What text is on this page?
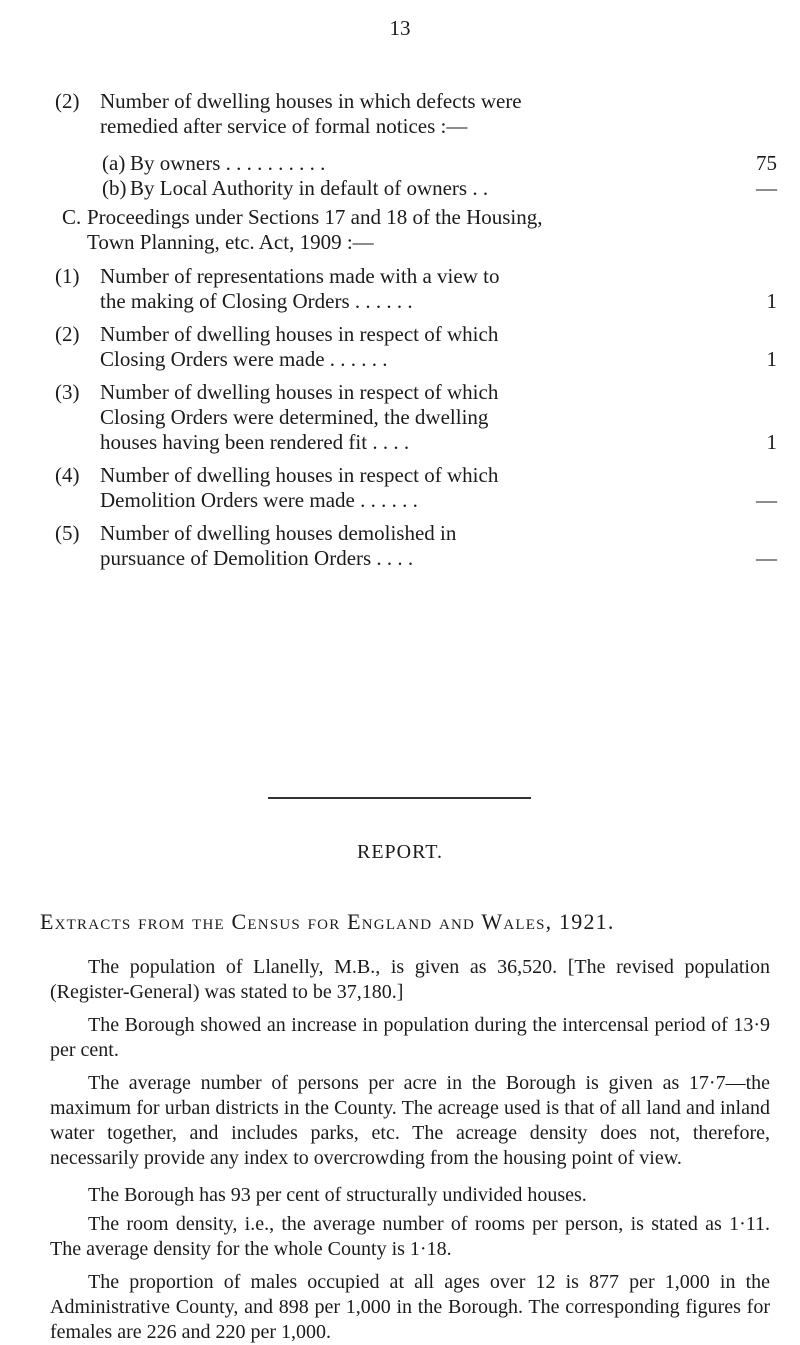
13
(2) Number of dwelling houses in which defects were
remedied after service of formal notices :—
(a) By owners . . . . . . . . . .	75
(b) By Local Authority in default of owners . .	—
C. Proceedings under Sections 17 and 18 of the Housing,
Town Planning, etc. Act, 1909 :—
(1) Number of representations made with a view to
the making of Closing Orders . . . . . .	1
(2) Number of dwelling houses in respect of which
Closing Orders were made . . . . . .	1
(3) Number of dwelling houses in respect of which
Closing Orders were determined, the dwelling
houses having been rendered fit . . . .	1
(4) Number of dwelling houses in respect of which
Demolition Orders were made . . . . . .	—
(5) Number of dwelling houses demolished in
pursuance of Demolition Orders . . . .	—
REPORT.
Extracts from the Census for England and Wales, 1921.
The population of Llanelly, M.B., is given as 36,520. [The revised population (Register-General) was stated to be 37,180.]
The Borough showed an increase in population during the intercensal period of 13·9 per cent.
The average number of persons per acre in the Borough is given as 17·7—the maximum for urban districts in the County. The acreage used is that of all land and inland water together, and includes parks, etc. The acreage density does not, therefore, necessarily provide any index to overcrowding from the housing point of view.
The Borough has 93 per cent of structurally undivided houses.
The room density, i.e., the average number of rooms per person, is stated as 1·11. The average density for the whole County is 1·18.
The proportion of males occupied at all ages over 12 is 877 per 1,000 in the Administrative County, and 898 per 1,000 in the Borough. The corresponding figures for females are 226 and 220 per 1,000.
